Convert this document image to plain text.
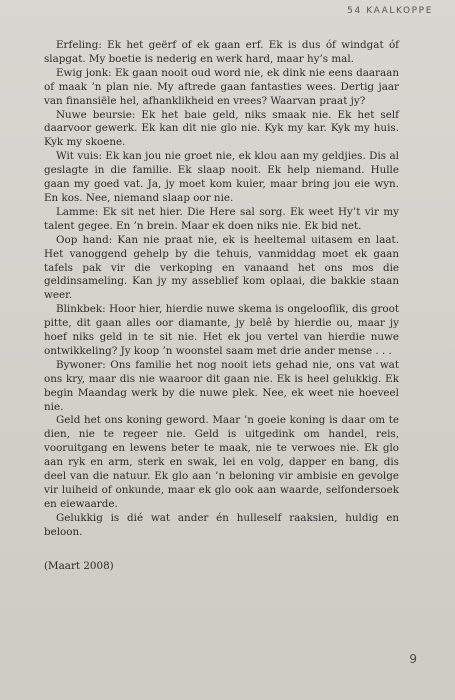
54 KAALKOPPE

Erfeling: Ek het geërf of ek gaan erf. Ek is dus óf windgat óf slapgat. My boetie is nederig en werk hard, maar hy’s mal.

Ewig jonk: Ek gaan nooit oud word nie, ek dink nie eens daaraan of maak ’n plan nie. My aftrede gaan fantasties wees. Dertig jaar van finansiële hel, afhanklikheid en vrees? Waarvan praat jy?

Nuwe beursie: Ek het baie geld, niks smaak nie. Ek het self daarvoor gewerk. Ek kan dit nie glo nie. Kyk my kar. Kyk my huis. Kyk my skoene.

Wit vuis: Ek kan jou nie groet nie, ek klou aan my geldjies. Dis al geslagte in die familie. Ek slaap nooit. Ek help niemand. Hulle gaan my goed vat. Ja, jy moet kom kuier, maar bring jou eie wyn. En kos. Nee, niemand slaap oor nie.

Lamme: Ek sit net hier. Die Here sal sorg. Ek weet Hy’t vir my talent gegee. En ’n brein. Maar ek doen niks nie. Ek bid net.

Oop hand: Kan nie praat nie, ek is heeltemal uitasem en laat. Het vanoggend gehelp by die tehuis, vanmiddag moet ek gaan tafels pak vir die verkoping en vanaand het ons mos die geldinsameling. Kan jy my asseblief kom oplaai, die bakkie staan weer.

Blinkbek: Hoor hier, hierdie nuwe skema is ongelooflik, dis groot pitte, dit gaan alles oor diamante, jy belê by hierdie ou, maar jy hoef niks geld in te sit nie. Het ek jou vertel van hierdie nuwe ontwikkeling? Jy koop ’n woonstel saam met drie ander mense . . .

Bywoner: Ons familie het nog nooit iets gehad nie, ons vat wat ons kry, maar dis nie waaroor dit gaan nie. Ek is heel gelukkig. Ek begin Maandag werk by die nuwe plek. Nee, ek weet nie hoeveel nie.

Geld het ons koning geword. Maar ’n goeie koning is daar om te dien, nie te regeer nie. Geld is uitgedink om handel, reis, vooruitgang en lewens beter te maak, nie te verwoes nie. Ek glo aan ryk en arm, sterk en swak, lei en volg, dapper en bang, dis deel van die natuur. Ek glo aan ’n beloning vir ambisie en gevolge vir luiheid of onkunde, maar ek glo ook aan waarde, selfondersoek en eiewaarde.

Gelukkig is dié wat ander én hulleself raaksien, huldig en beloon.

(Maart 2008)

9
